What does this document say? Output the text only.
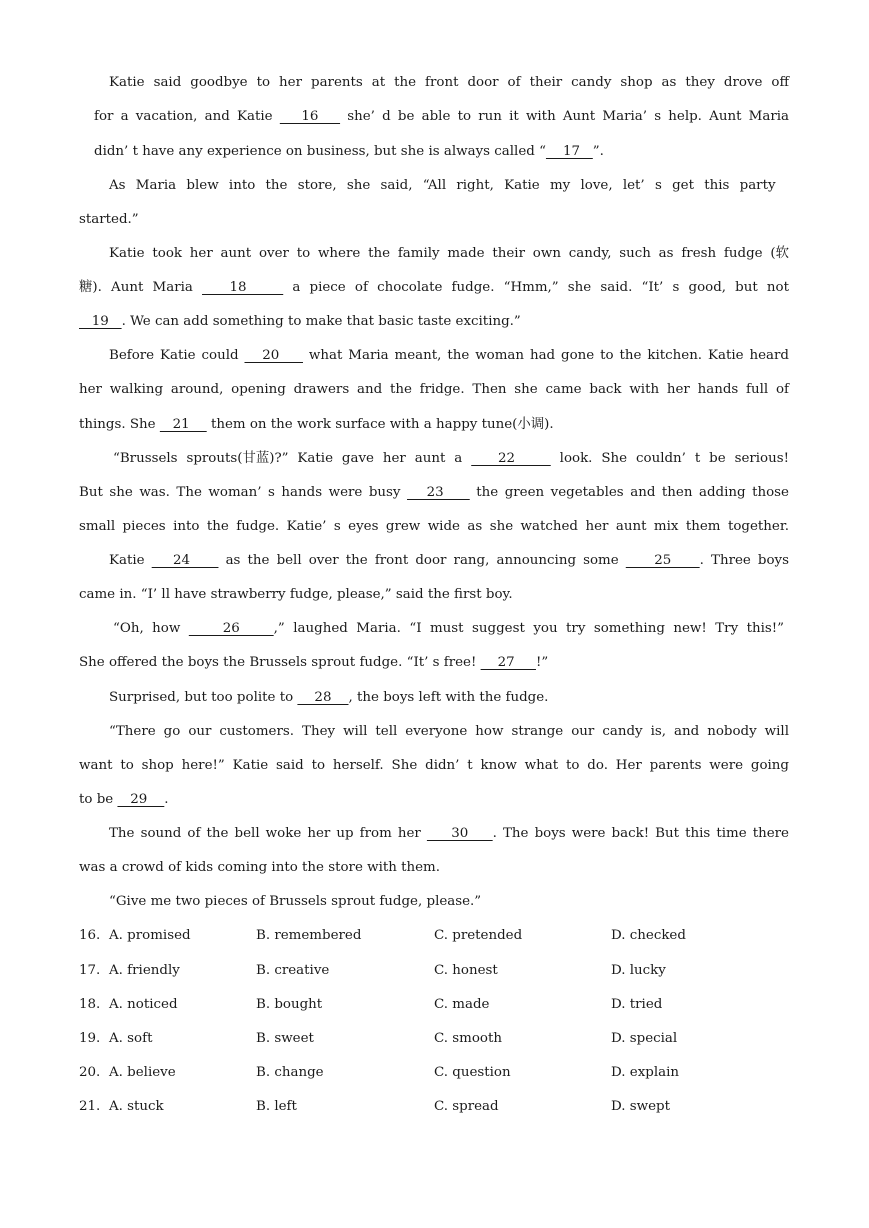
Katie said goodbye to her parents at the front door of their candy shop as they drove off
for a vacation, and Katie    16    she’ d be able to run it with Aunt Maria’ s help. Aunt Maria
didn’ t have any experience on business, but she is always called “    17   ”.
As Maria blew into the store, she said, “All right, Katie my love, let’ s get this party
started.”
Katie took her aunt over to where the family made their own candy, such as fresh fudge (软
糖). Aunt Maria    18     a piece of chocolate fudge. “Hmm,” she said. “It’ s good, but not
19   . We can add something to make that basic taste exciting.”
Before Katie could    20     what Maria meant, the woman had gone to the kitchen. Katie heard
her walking around, opening drawers and the fridge. Then she came back with her hands full of
things. She    21     them on the work surface with a happy tune(小调).
“Brussels sprouts(甘蓝)?” Katie gave her aunt a    22     look. She couldn’ t be serious!
But she was. The woman’ s hands were busy    23     the green vegetables and then adding those
small pieces into the fudge. Katie’ s eyes grew wide as she watched her aunt mix them together.
Katie    24     as the bell over the front door rang, announcing some     25    . Three boys
came in. “I’ ll have strawberry fudge, please,” said the first boy.
“Oh, how     26    ,” laughed Maria. “I must suggest you try something new! Try this!”
She offered the boys the Brussels sprout fudge. “It’ s free!     27     !”
Surprised, but too polite to     28    , the boys left with the fudge.
“There go our customers. They will tell everyone how strange our candy is, and nobody will
want to shop here!” Katie said to herself. She didn’ t know what to do. Her parents were going
to be    29    .
The sound of the bell woke her up from her     30    . The boys were back! But this time there
was a crowd of kids coming into the store with them.
“Give me two pieces of Brussels sprout fudge, please.”
16. A. promised	B. remembered	C. pretended	D. checked
17. A. friendly	B. creative	C. honest	D. lucky
18. A. noticed	B. bought	C. made	D. tried
19. A. soft	B. sweet	C. smooth	D. special
20. A. believe	B. change	C. question	D. explain
21. A. stuck	B. left	C. spread	D. swept
